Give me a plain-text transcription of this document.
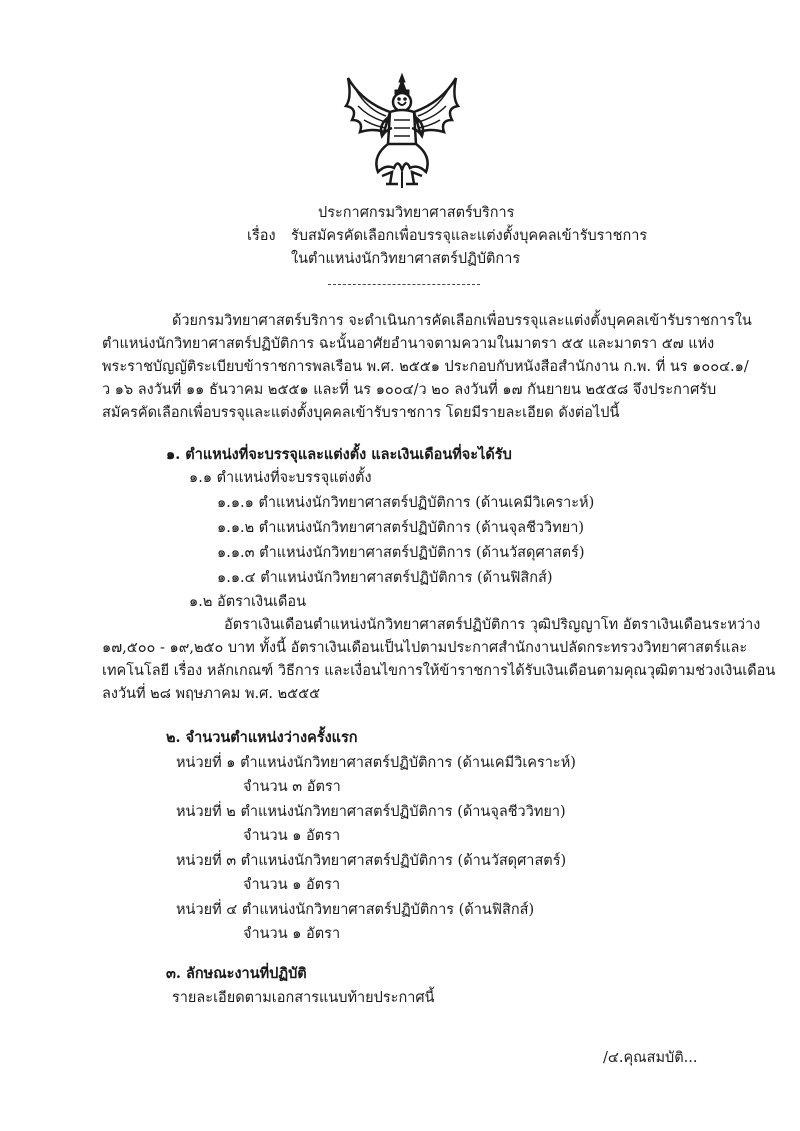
ประกาศกรมวิทยาศาสตร์บริการ
เรื่อง รับสมัครคัดเลือกเพื่อบรรจุและแต่งตั้งบุคคลเข้ารับราชการ
ในตำแหน่งนักวิทยาศาสตร์ปฏิบัติการ
ด้วยกรมวิทยาศาสตร์บริการ จะดำเนินการคัดเลือกเพื่อบรรจุและแต่งตั้งบุคคลเข้ารับราชการใน
ตำแหน่งนักวิทยาศาสตร์ปฏิบัติการ ฉะนั้นอาศัยอำนาจตามความในมาตรา ๕๕ และมาตรา ๕๗ แห่ง
พระราชบัญญัติระเบียบข้าราชการพลเรือน พ.ศ. ๒๕๕๑ ประกอบกับหนังสือสำนักงาน ก.พ. ที่ นร ๑๐๐๔.๑/
ว ๑๖ ลงวันที่ ๑๑ ธันวาคม ๒๕๕๑ และที่ นร ๑๐๐๔/ว ๒๐ ลงวันที่ ๑๗ กันยายน ๒๕๕๘ จึงประกาศรับ
สมัครคัดเลือกเพื่อบรรจุและแต่งตั้งบุคคลเข้ารับราชการ โดยมีรายละเอียด ดังต่อไปนี้
๑. ตำแหน่งที่จะบรรจุและแต่งตั้ง และเงินเดือนที่จะได้รับ
๑.๑ ตำแหน่งที่จะบรรจุแต่งตั้ง
๑.๑.๑ ตำแหน่งนักวิทยาศาสตร์ปฏิบัติการ (ด้านเคมีวิเคราะห์)
๑.๑.๒ ตำแหน่งนักวิทยาศาสตร์ปฏิบัติการ (ด้านจุลชีววิทยา)
๑.๑.๓ ตำแหน่งนักวิทยาศาสตร์ปฏิบัติการ (ด้านวัสดุศาสตร์)
๑.๑.๔ ตำแหน่งนักวิทยาศาสตร์ปฏิบัติการ (ด้านฟิสิกส์)
๑.๒ อัตราเงินเดือน
อัตราเงินเดือนตำแหน่งนักวิทยาศาสตร์ปฏิบัติการ วุฒิปริญญาโท อัตราเงินเดือนระหว่าง
๑๗,๕๐๐ - ๑๙,๒๕๐ บาท ทั้งนี้ อัตราเงินเดือนเป็นไปตามประกาศสำนักงานปลัดกระทรวงวิทยาศาสตร์และ
เทคโนโลยี เรื่อง หลักเกณฑ์ วิธีการ และเงื่อนไขการให้ข้าราชการได้รับเงินเดือนตามคุณวุฒิตามช่วงเงินเดือน
ลงวันที่ ๒๘ พฤษภาคม พ.ศ. ๒๕๕๕
๒. จำนวนตำแหน่งว่างครั้งแรก
หน่วยที่ ๑ ตำแหน่งนักวิทยาศาสตร์ปฏิบัติการ (ด้านเคมีวิเคราะห์)
จำนวน ๓ อัตรา
หน่วยที่ ๒ ตำแหน่งนักวิทยาศาสตร์ปฏิบัติการ (ด้านจุลชีววิทยา)
จำนวน ๑ อัตรา
หน่วยที่ ๓ ตำแหน่งนักวิทยาศาสตร์ปฏิบัติการ (ด้านวัสดุศาสตร์)
จำนวน ๑ อัตรา
หน่วยที่ ๔ ตำแหน่งนักวิทยาศาสตร์ปฏิบัติการ (ด้านฟิสิกส์)
จำนวน ๑ อัตรา
๓. ลักษณะงานที่ปฏิบัติ
รายละเอียดตามเอกสารแนบท้ายประกาศนี้
/๔.คุณสมบัติ...
